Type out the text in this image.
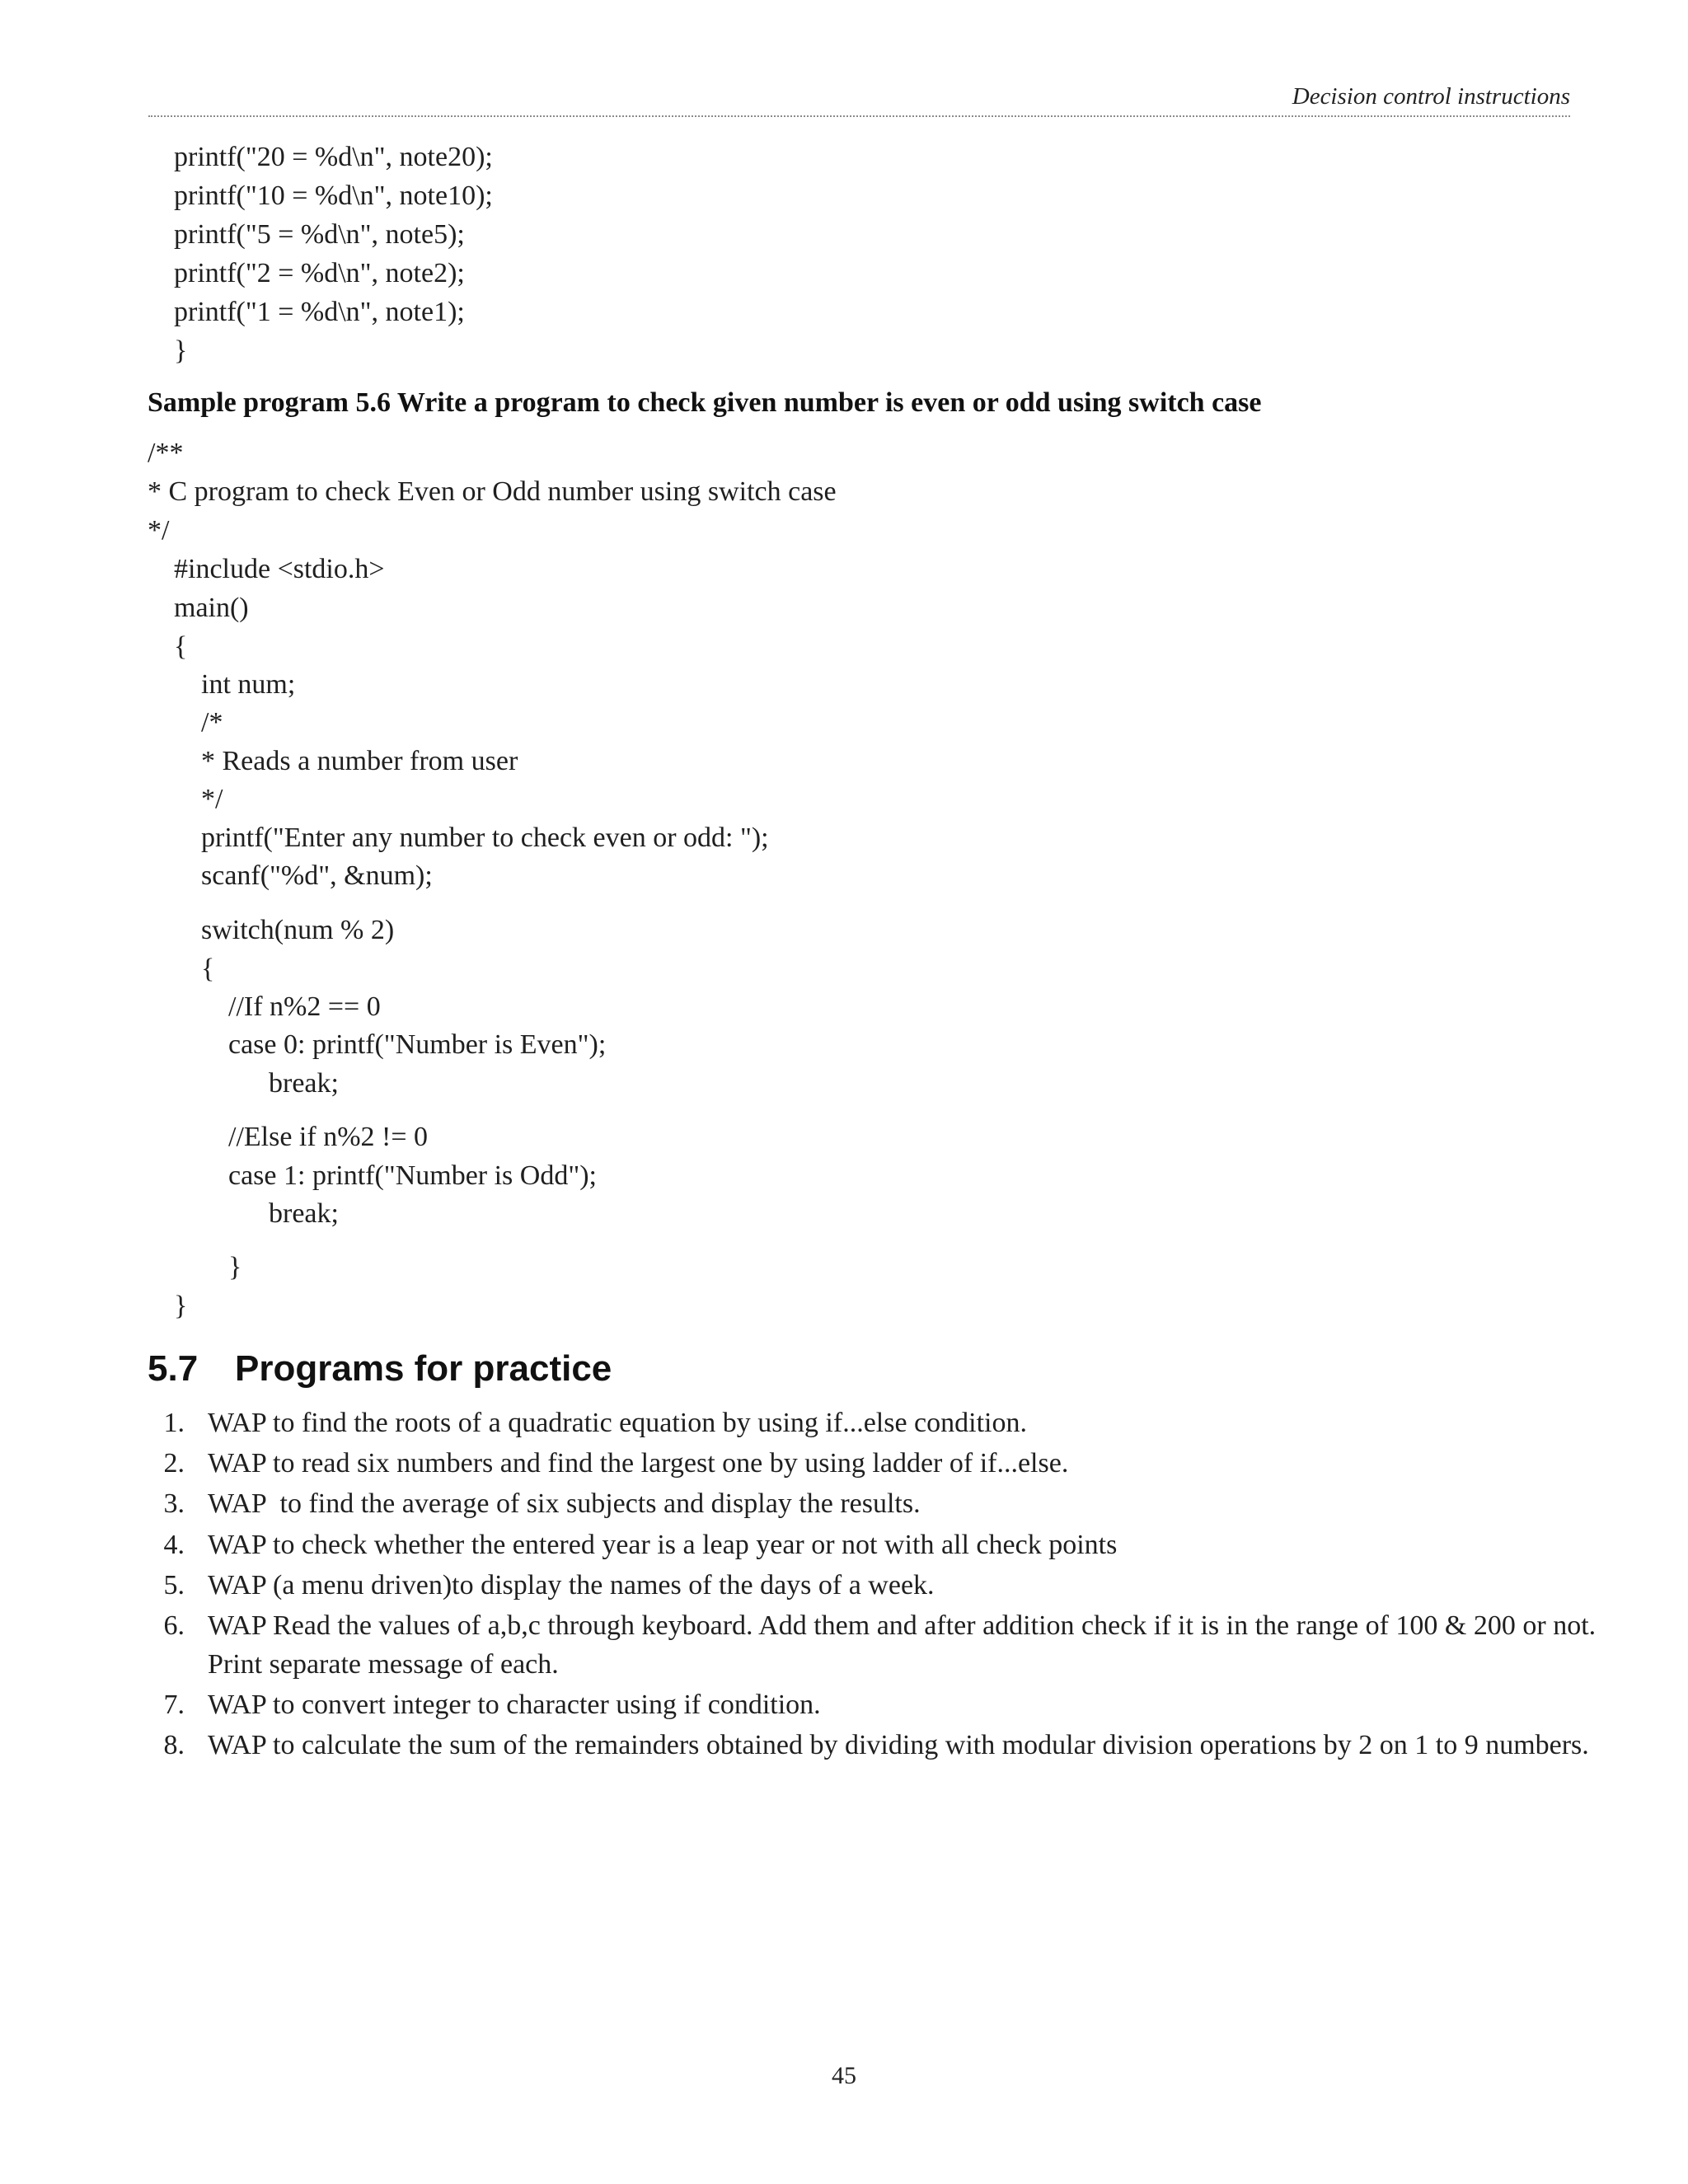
Decision control instructions
printf("20 = %d\n", note20);
printf("10 = %d\n", note10);
printf("5 = %d\n", note5);
printf("2 = %d\n", note2);
printf("1 = %d\n", note1);
}
Sample program 5.6 Write a program to check given number is even or odd using switch case
/**
* C program to check Even or Odd number using switch case
*/
#include <stdio.h>
main()
{
int num;
/*
* Reads a number from user
*/
printf("Enter any number to check even or odd: ");
scanf("%d", &num);
switch(num % 2)
{
//If n%2 == 0
case 0: printf("Number is Even");
break;
//Else if n%2 != 0
case 1: printf("Number is Odd");
break;
}
}
5.7 Programs for practice
1. WAP to find the roots of a quadratic equation by using if...else condition.
2. WAP to read six numbers and find the largest one by using ladder of if...else.
3. WAP  to find the average of six subjects and display the results.
4. WAP to check whether the entered year is a leap year or not with all check points
5. WAP (a menu driven)to display the names of the days of a week.
6. WAP Read the values of a,b,c through keyboard. Add them and after addition check if it is in the range of 100 & 200 or not.
Print separate message of each.
7. WAP to convert integer to character using if condition.
8. WAP to calculate the sum of the remainders obtained by dividing with modular division operations by 2 on 1 to 9 numbers.
45
